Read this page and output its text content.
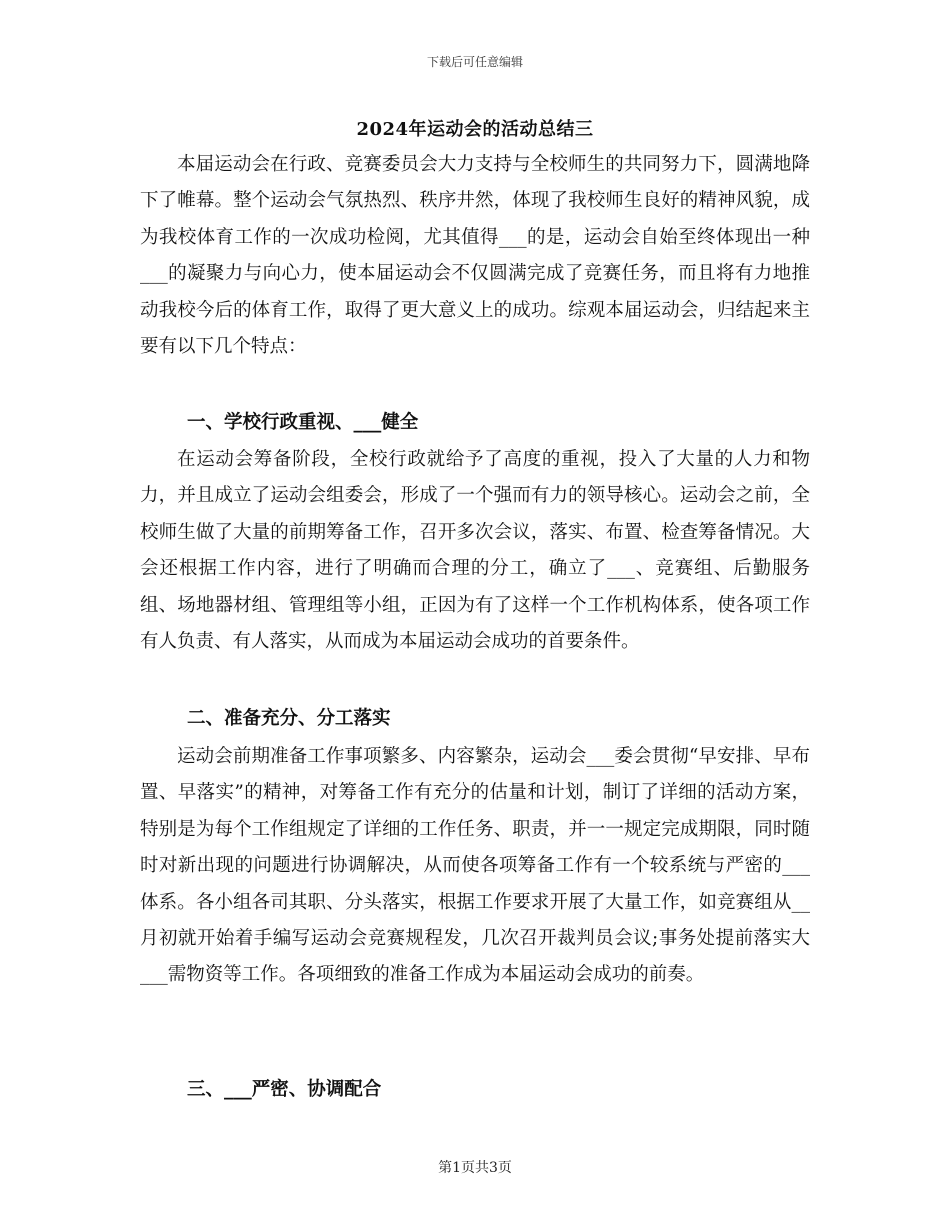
下载后可任意编辑
2024年运动会的活动总结三

本届运动会在行政、竞赛委员会大力支持与全校师生的共同努力下，圆满地降下了帷幕。整个运动会气氛热烈、秩序井然，体现了我校师生良好的精神风貌，成为我校体育工作的一次成功检阅，尤其值得___的是，运动会自始至终体现出一种___的凝聚力与向心力，使本届运动会不仅圆满完成了竞赛任务，而且将有力地推动我校今后的体育工作，取得了更大意义上的成功。综观本届运动会，归结起来主要有以下几个特点：

一、学校行政重视、___健全

在运动会筹备阶段，全校行政就给予了高度的重视，投入了大量的人力和物力，并且成立了运动会组委会，形成了一个强而有力的领导核心。运动会之前，全校师生做了大量的前期筹备工作，召开多次会议，落实、布置、检查筹备情况。大会还根据工作内容，进行了明确而合理的分工，确立了___、竞赛组、后勤服务组、场地器材组、管理组等小组，正因为有了这样一个工作机构体系，使各项工作有人负责、有人落实，从而成为本届运动会成功的首要条件。

二、准备充分、分工落实

运动会前期准备工作事项繁多、内容繁杂，运动会___委会贯彻“早安排、早布置、早落实”的精神，对筹备工作有充分的估量和计划，制订了详细的活动方案，特别是为每个工作组规定了详细的工作任务、职责，并一一规定完成期限，同时随时对新出现的问题进行协调解决，从而使各项筹备工作有一个较系统与严密的___体系。各小组各司其职、分头落实，根据工作要求开展了大量工作，如竞赛组从__月初就开始着手编写运动会竞赛规程发，几次召开裁判员会议;事务处提前落实大___需物资等工作。各项细致的准备工作成为本届运动会成功的前奏。

三、___严密、协调配合

第1页共3页
